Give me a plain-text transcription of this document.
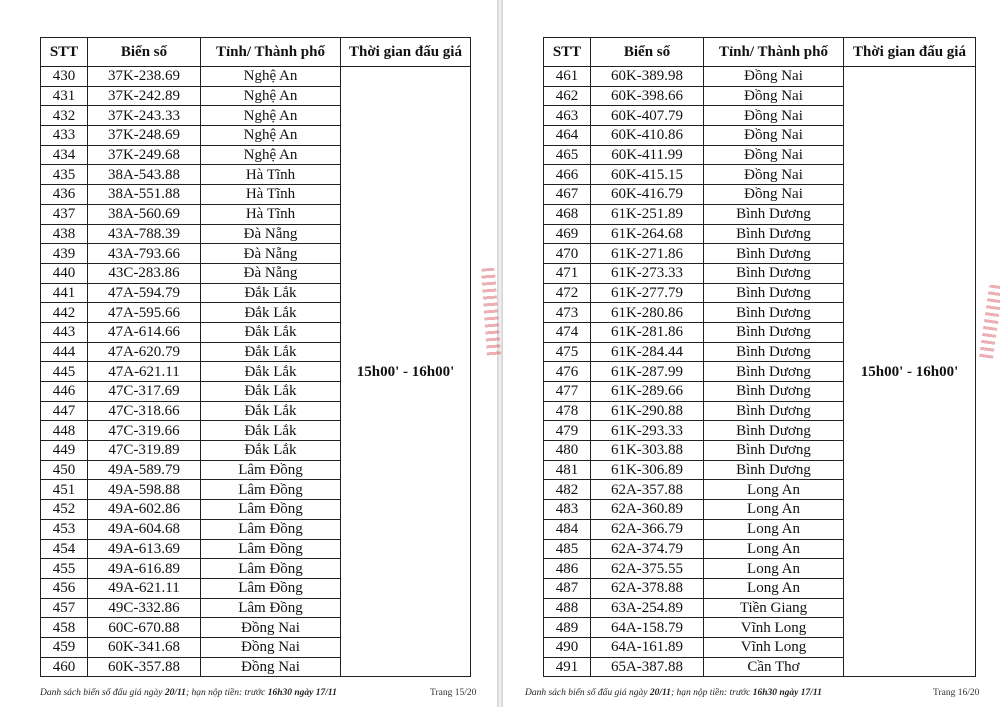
STT	Biển số	Tỉnh/ Thành phố	Thời gian đấu giá
430	37K-238.69	Nghệ An	15h00' - 16h00'
431	37K-242.89	Nghệ An	
432	37K-243.33	Nghệ An	
433	37K-248.69	Nghệ An	
434	37K-249.68	Nghệ An	
435	38A-543.88	Hà Tĩnh	
436	38A-551.88	Hà Tĩnh	
437	38A-560.69	Hà Tĩnh	
438	43A-788.39	Đà Nẵng	
439	43A-793.66	Đà Nẵng	
440	43C-283.86	Đà Nẵng	
441	47A-594.79	Đắk Lắk	
442	47A-595.66	Đắk Lắk	
443	47A-614.66	Đắk Lắk	
444	47A-620.79	Đắk Lắk	
445	47A-621.11	Đắk Lắk	
446	47C-317.69	Đắk Lắk	
447	47C-318.66	Đắk Lắk	
448	47C-319.66	Đắk Lắk	
449	47C-319.89	Đắk Lắk	
450	49A-589.79	Lâm Đồng	
451	49A-598.88	Lâm Đồng	
452	49A-602.86	Lâm Đồng	
453	49A-604.68	Lâm Đồng	
454	49A-613.69	Lâm Đồng	
455	49A-616.89	Lâm Đồng	
456	49A-621.11	Lâm Đồng	
457	49C-332.86	Lâm Đồng	
458	60C-670.88	Đồng Nai	
459	60K-341.68	Đồng Nai	
460	60K-357.88	Đồng Nai	
Danh sách biển số đấu giá ngày 20/11; hạn nộp tiền: trước 16h30 ngày 17/11	Trang 15/20
STT	Biển số	Tỉnh/ Thành phố	Thời gian đấu giá
461	60K-389.98	Đồng Nai	15h00' - 16h00'
462	60K-398.66	Đồng Nai	
463	60K-407.79	Đồng Nai	
464	60K-410.86	Đồng Nai	
465	60K-411.99	Đồng Nai	
466	60K-415.15	Đồng Nai	
467	60K-416.79	Đồng Nai	
468	61K-251.89	Bình Dương	
469	61K-264.68	Bình Dương	
470	61K-271.86	Bình Dương	
471	61K-273.33	Bình Dương	
472	61K-277.79	Bình Dương	
473	61K-280.86	Bình Dương	
474	61K-281.86	Bình Dương	
475	61K-284.44	Bình Dương	
476	61K-287.99	Bình Dương	
477	61K-289.66	Bình Dương	
478	61K-290.88	Bình Dương	
479	61K-293.33	Bình Dương	
480	61K-303.88	Bình Dương	
481	61K-306.89	Bình Dương	
482	62A-357.88	Long An	
483	62A-360.89	Long An	
484	62A-366.79	Long An	
485	62A-374.79	Long An	
486	62A-375.55	Long An	
487	62A-378.88	Long An	
488	63A-254.89	Tiền Giang	
489	64A-158.79	Vĩnh Long	
490	64A-161.89	Vĩnh Long	
491	65A-387.88	Cần Thơ	
Danh sách biển số đấu giá ngày 20/11; hạn nộp tiền: trước 16h30 ngày 17/11	Trang 16/20
